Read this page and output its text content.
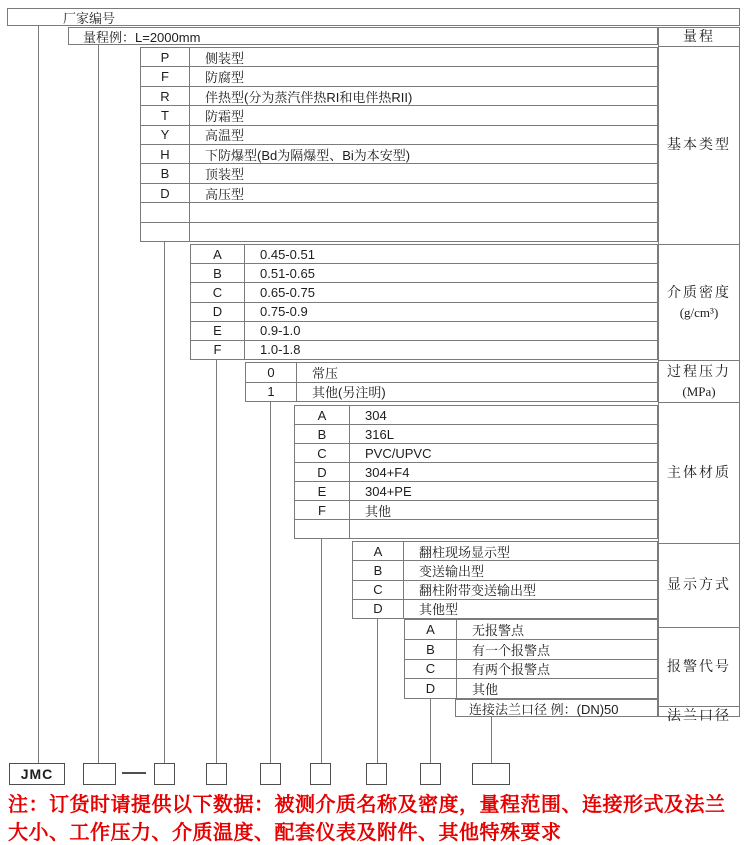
厂家编号
量程例：L=2000mm	量程
基本类型
介质密度
(g/cm³)
过程压力
(MPa)
主体材质
显示方式
报警代号
法兰口径
P	侧装型
F	防腐型
R	伴热型(分为蒸汽伴热RI和电伴热RII)
T	防霜型
Y	高温型
H	下防爆型(Bd为隔爆型、Bi为本安型)
B	顶装型
D	高压型
A	0.45-0.51
B	0.51-0.65
C	0.65-0.75
D	0.75-0.9
E	0.9-1.0
F	1.0-1.8
0	常压
1	其他(另注明)
A	304
B	316L
C	PVC/UPVC
D	304+F4
E	304+PE
F	其他
A	翻柱现场显示型
B	变送输出型
C	翻柱附带变送输出型
D	其他型
A	无报警点
B	有一个报警点
C	有两个报警点
D	其他
JMC
连接法兰口径 例：(DN)50
注：订货时请提供以下数据：被测介质名称及密度，量程范围、连接形式及法兰
大小、工作压力、介质温度、配套仪表及附件、其他特殊要求
